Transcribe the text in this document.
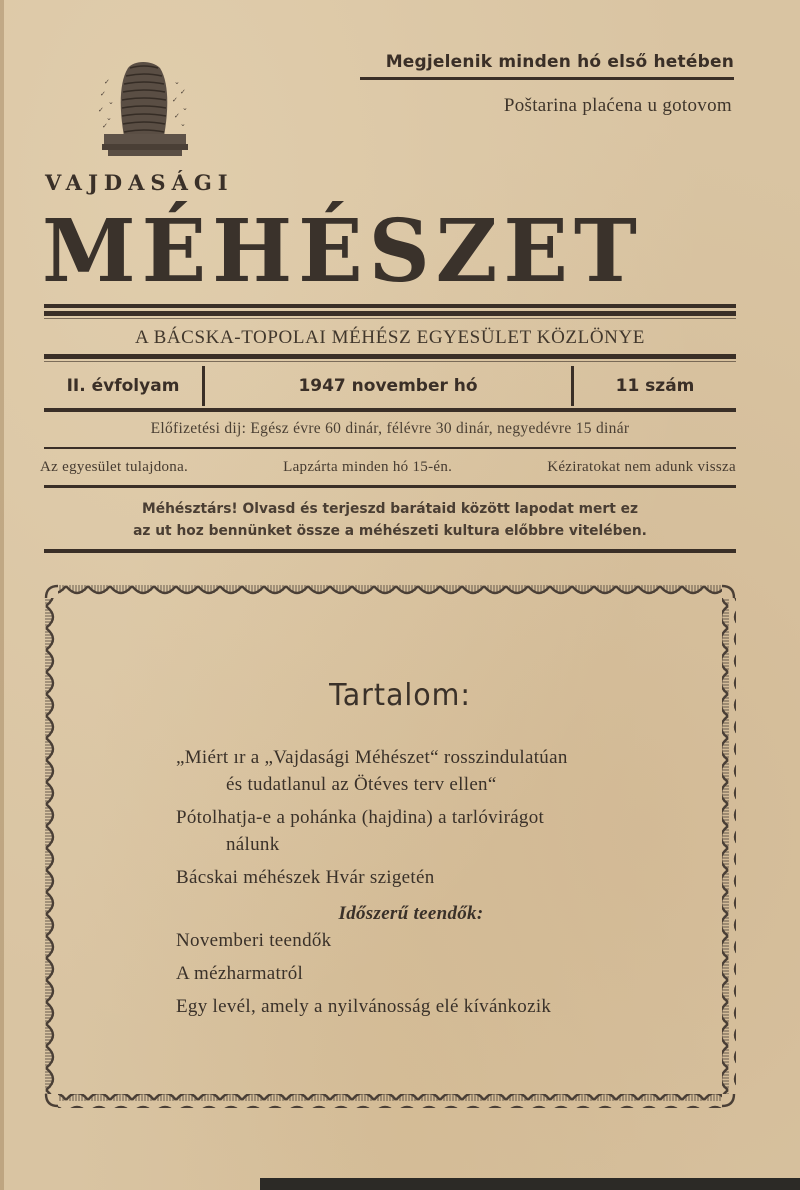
✓
✓
⌄
✓
⌄
✓
⌄
✓
✓
⌄
✓
⌄
Megjelenik minden hó első hetében
Poštarina plaćena u gotovom
VAJDASÁGI
MÉHÉSZET
A BÁCSKA-TOPOLAI MÉHÉSZ EGYESÜLET KÖZLÖNYE
II. évfolyam	1947 november hó	11 szám
Előfizetési dij: Egész évre 60 dinár, félévre 30 dinár, negyedévre 15 dinár
Az egyesület tulajdona.	Lapzárta minden hó 15-én.	Kéziratokat nem adunk vissza
Méhésztárs! Olvasd és terjeszd barátaid között lapodat mert ez
az ut hoz bennünket össze a méhészeti kultura előbbre vitelében.
Tartalom:
„Miért ır a „Vajdasági Méhészet“ rosszindulatúan
és tudatlanul az Ötéves terv ellen“
Pótolhatja-e a pohánka (hajdina) a tarlóvirágot
nálunk
Bácskai méhészek Hvár szigetén
Időszerű teendők:
Novemberi teendők
A mézharmatról
Egy levél, amely a nyilvánosság elé kívánkozik
